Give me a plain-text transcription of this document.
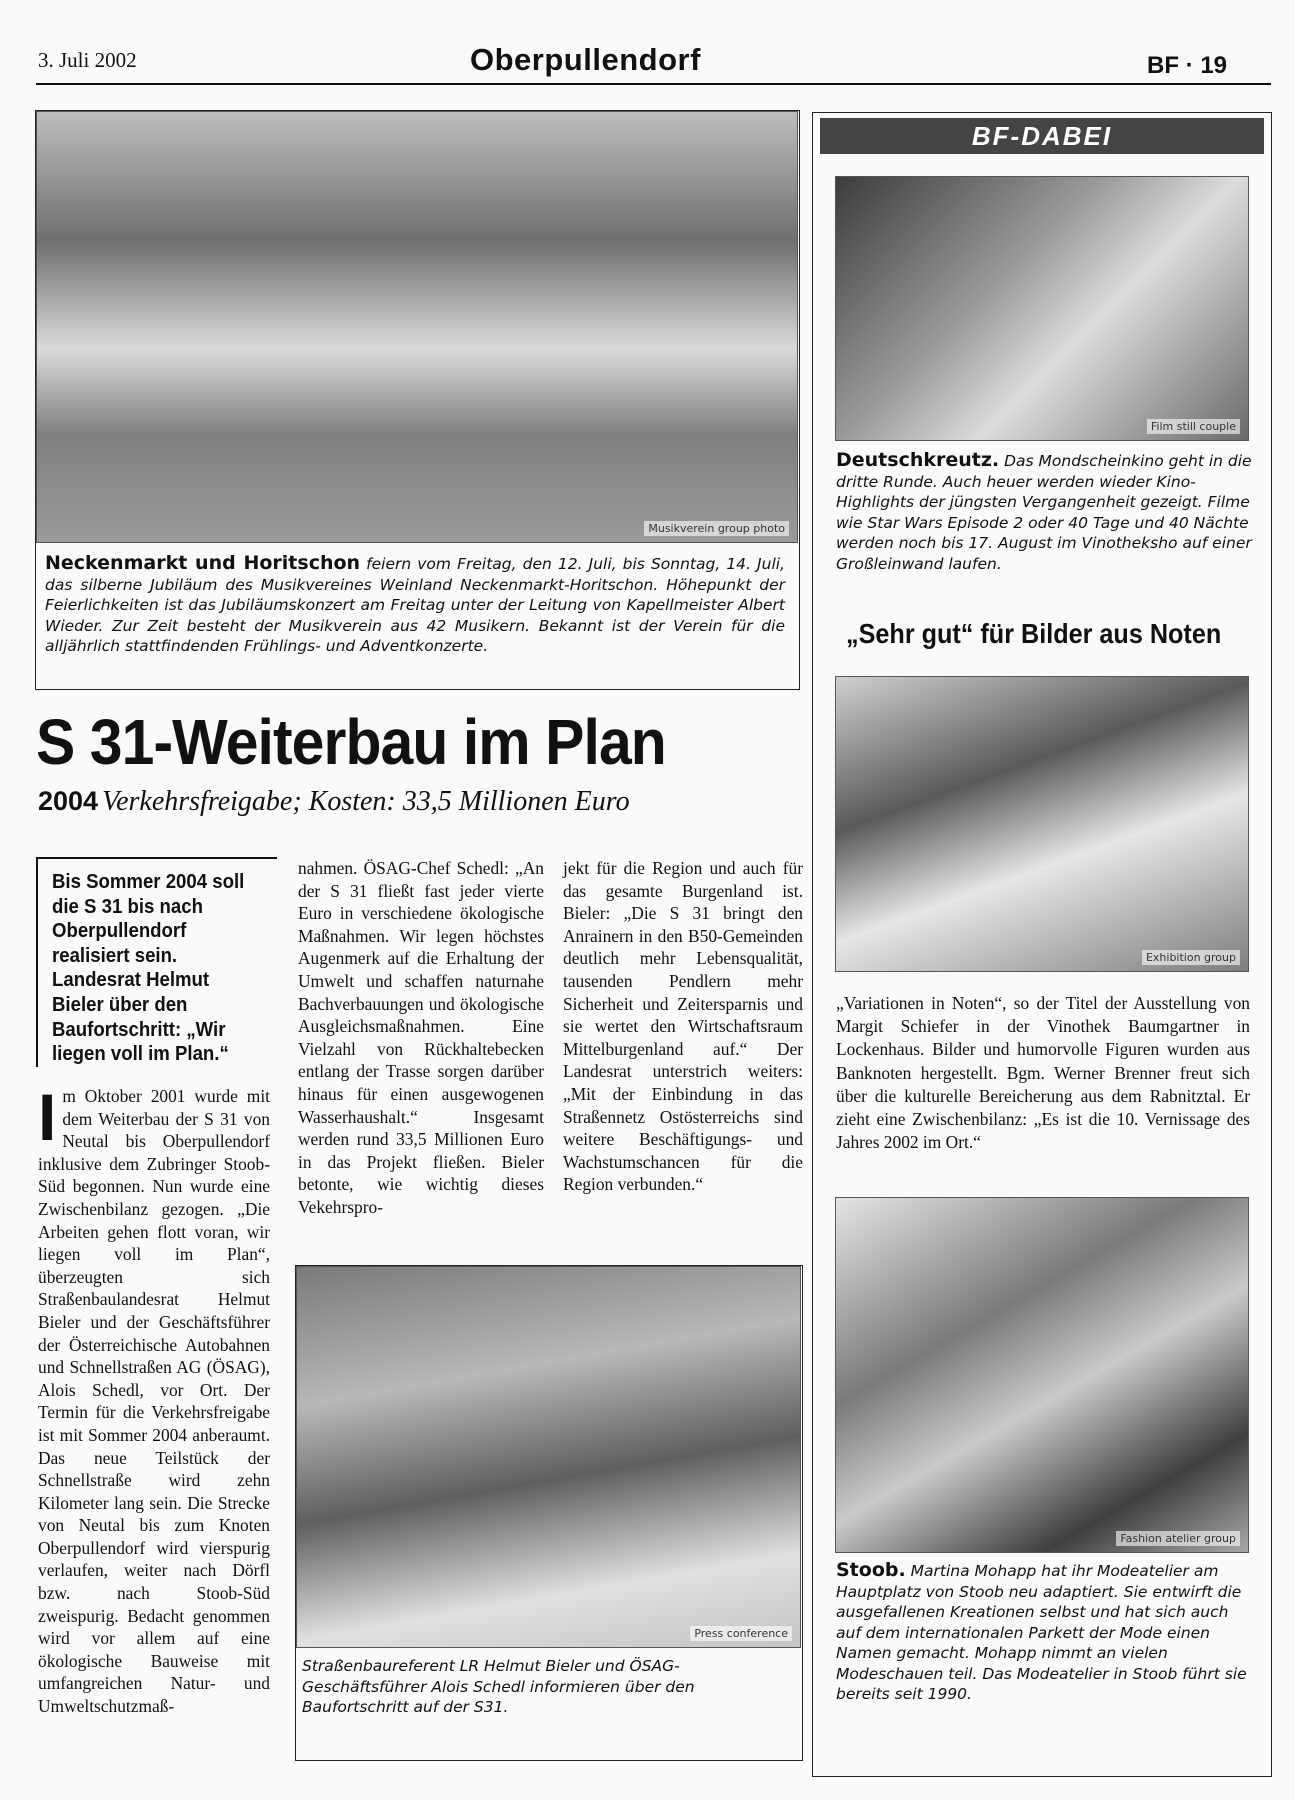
3. Juli 2002	Oberpullendorf	BF · 19
Musikverein group photo
Neckenmarkt und Horitschon feiern vom Freitag, den 12. Juli, bis Sonntag, 14. Juli, das silberne Jubiläum des Musikvereines Weinland Neckenmarkt-Horitschon. Höhepunkt der Feierlichkeiten ist das Jubiläumskonzert am Freitag unter der Leitung von Kapellmeister Albert Wieder. Zur Zeit besteht der Musikverein aus 42 Musikern. Bekannt ist der Verein für die alljährlich stattfindenden Frühlings- und Adventkonzerte.
S 31-Weiterbau im Plan
2004 Verkehrsfreigabe; Kosten: 33,5 Millionen Euro
Bis Sommer 2004 soll die S 31 bis nach Oberpullendorf realisiert sein. Landesrat Helmut Bieler über den Baufortschritt: „Wir liegen voll im Plan.“
Im Oktober 2001 wurde mit dem Weiterbau der S 31 von Neutal bis Oberpullendorf inklusive dem Zubringer Stoob-Süd begonnen. Nun wurde eine Zwischenbilanz gezogen. „Die Arbeiten gehen flott voran, wir liegen voll im Plan“, überzeugten sich Straßenbaulandesrat Helmut Bieler und der Geschäftsführer der Österreichische Autobahnen und Schnellstraßen AG (ÖSAG), Alois Schedl, vor Ort. Der Termin für die Verkehrsfreigabe ist mit Sommer 2004 anberaumt. Das neue Teilstück der Schnellstraße wird zehn Kilometer lang sein. Die Strecke von Neutal bis zum Knoten Oberpullendorf wird vierspurig verlaufen, weiter nach Dörfl bzw. nach Stoob-Süd zweispurig. Bedacht genommen wird vor allem auf eine ökologische Bauweise mit umfangreichen Natur- und Umweltschutzmaß-
nahmen. ÖSAG-Chef Schedl: „An der S 31 fließt fast jeder vierte Euro in verschiedene ökologische Maßnahmen. Wir legen höchstes Augenmerk auf die Erhaltung der Umwelt und schaffen naturnahe Bachverbauungen und ökologische Ausgleichsmaßnahmen. Eine Vielzahl von Rückhaltebecken entlang der Trasse sorgen darüber hinaus für einen ausgewogenen Wasserhaushalt.“ Insgesamt werden rund 33,5 Millionen Euro in das Projekt fließen. Bieler betonte, wie wichtig dieses Vekehrspro-
jekt für die Region und auch für das gesamte Burgenland ist. Bieler: „Die S 31 bringt den Anrainern in den B50-Gemeinden deutlich mehr Lebensqualität, tausenden Pendlern mehr Sicherheit und Zeitersparnis und sie wertet den Wirtschaftsraum Mittelburgenland auf.“ Der Landesrat unterstrich weiters: „Mit der Einbindung in das Straßennetz Ostösterreichs sind weitere Beschäftigungs- und Wachstumschancen für die Region verbunden.“
Press conference
Straßenbaureferent LR Helmut Bieler und ÖSAG-Geschäftsführer Alois Schedl informieren über den Baufortschritt auf der S31.
BF-DABEI
Film still couple
Deutschkreutz. Das Mondscheinkino geht in die dritte Runde. Auch heuer werden wieder Kino-Highlights der jüngsten Vergangenheit gezeigt. Filme wie Star Wars Episode 2 oder 40 Tage und 40 Nächte werden noch bis 17. August im Vinotheksho auf einer Großleinwand laufen.
„Sehr gut“ für Bilder aus Noten
Exhibition group
„Variationen in Noten“, so der Titel der Ausstellung von Margit Schiefer in der Vinothek Baumgartner in Lockenhaus. Bilder und humorvolle Figuren wurden aus Banknoten hergestellt. Bgm. Werner Brenner freut sich über die kulturelle Bereicherung aus dem Rabnitztal. Er zieht eine Zwischenbilanz: „Es ist die 10. Vernissage des Jahres 2002 im Ort.“
Fashion atelier group
Stoob. Martina Mohapp hat ihr Modeatelier am Hauptplatz von Stoob neu adaptiert. Sie entwirft die ausgefallenen Kreationen selbst und hat sich auch auf dem internationalen Parkett der Mode einen Namen gemacht. Mohapp nimmt an vielen Modeschauen teil. Das Modeatelier in Stoob führt sie bereits seit 1990.
